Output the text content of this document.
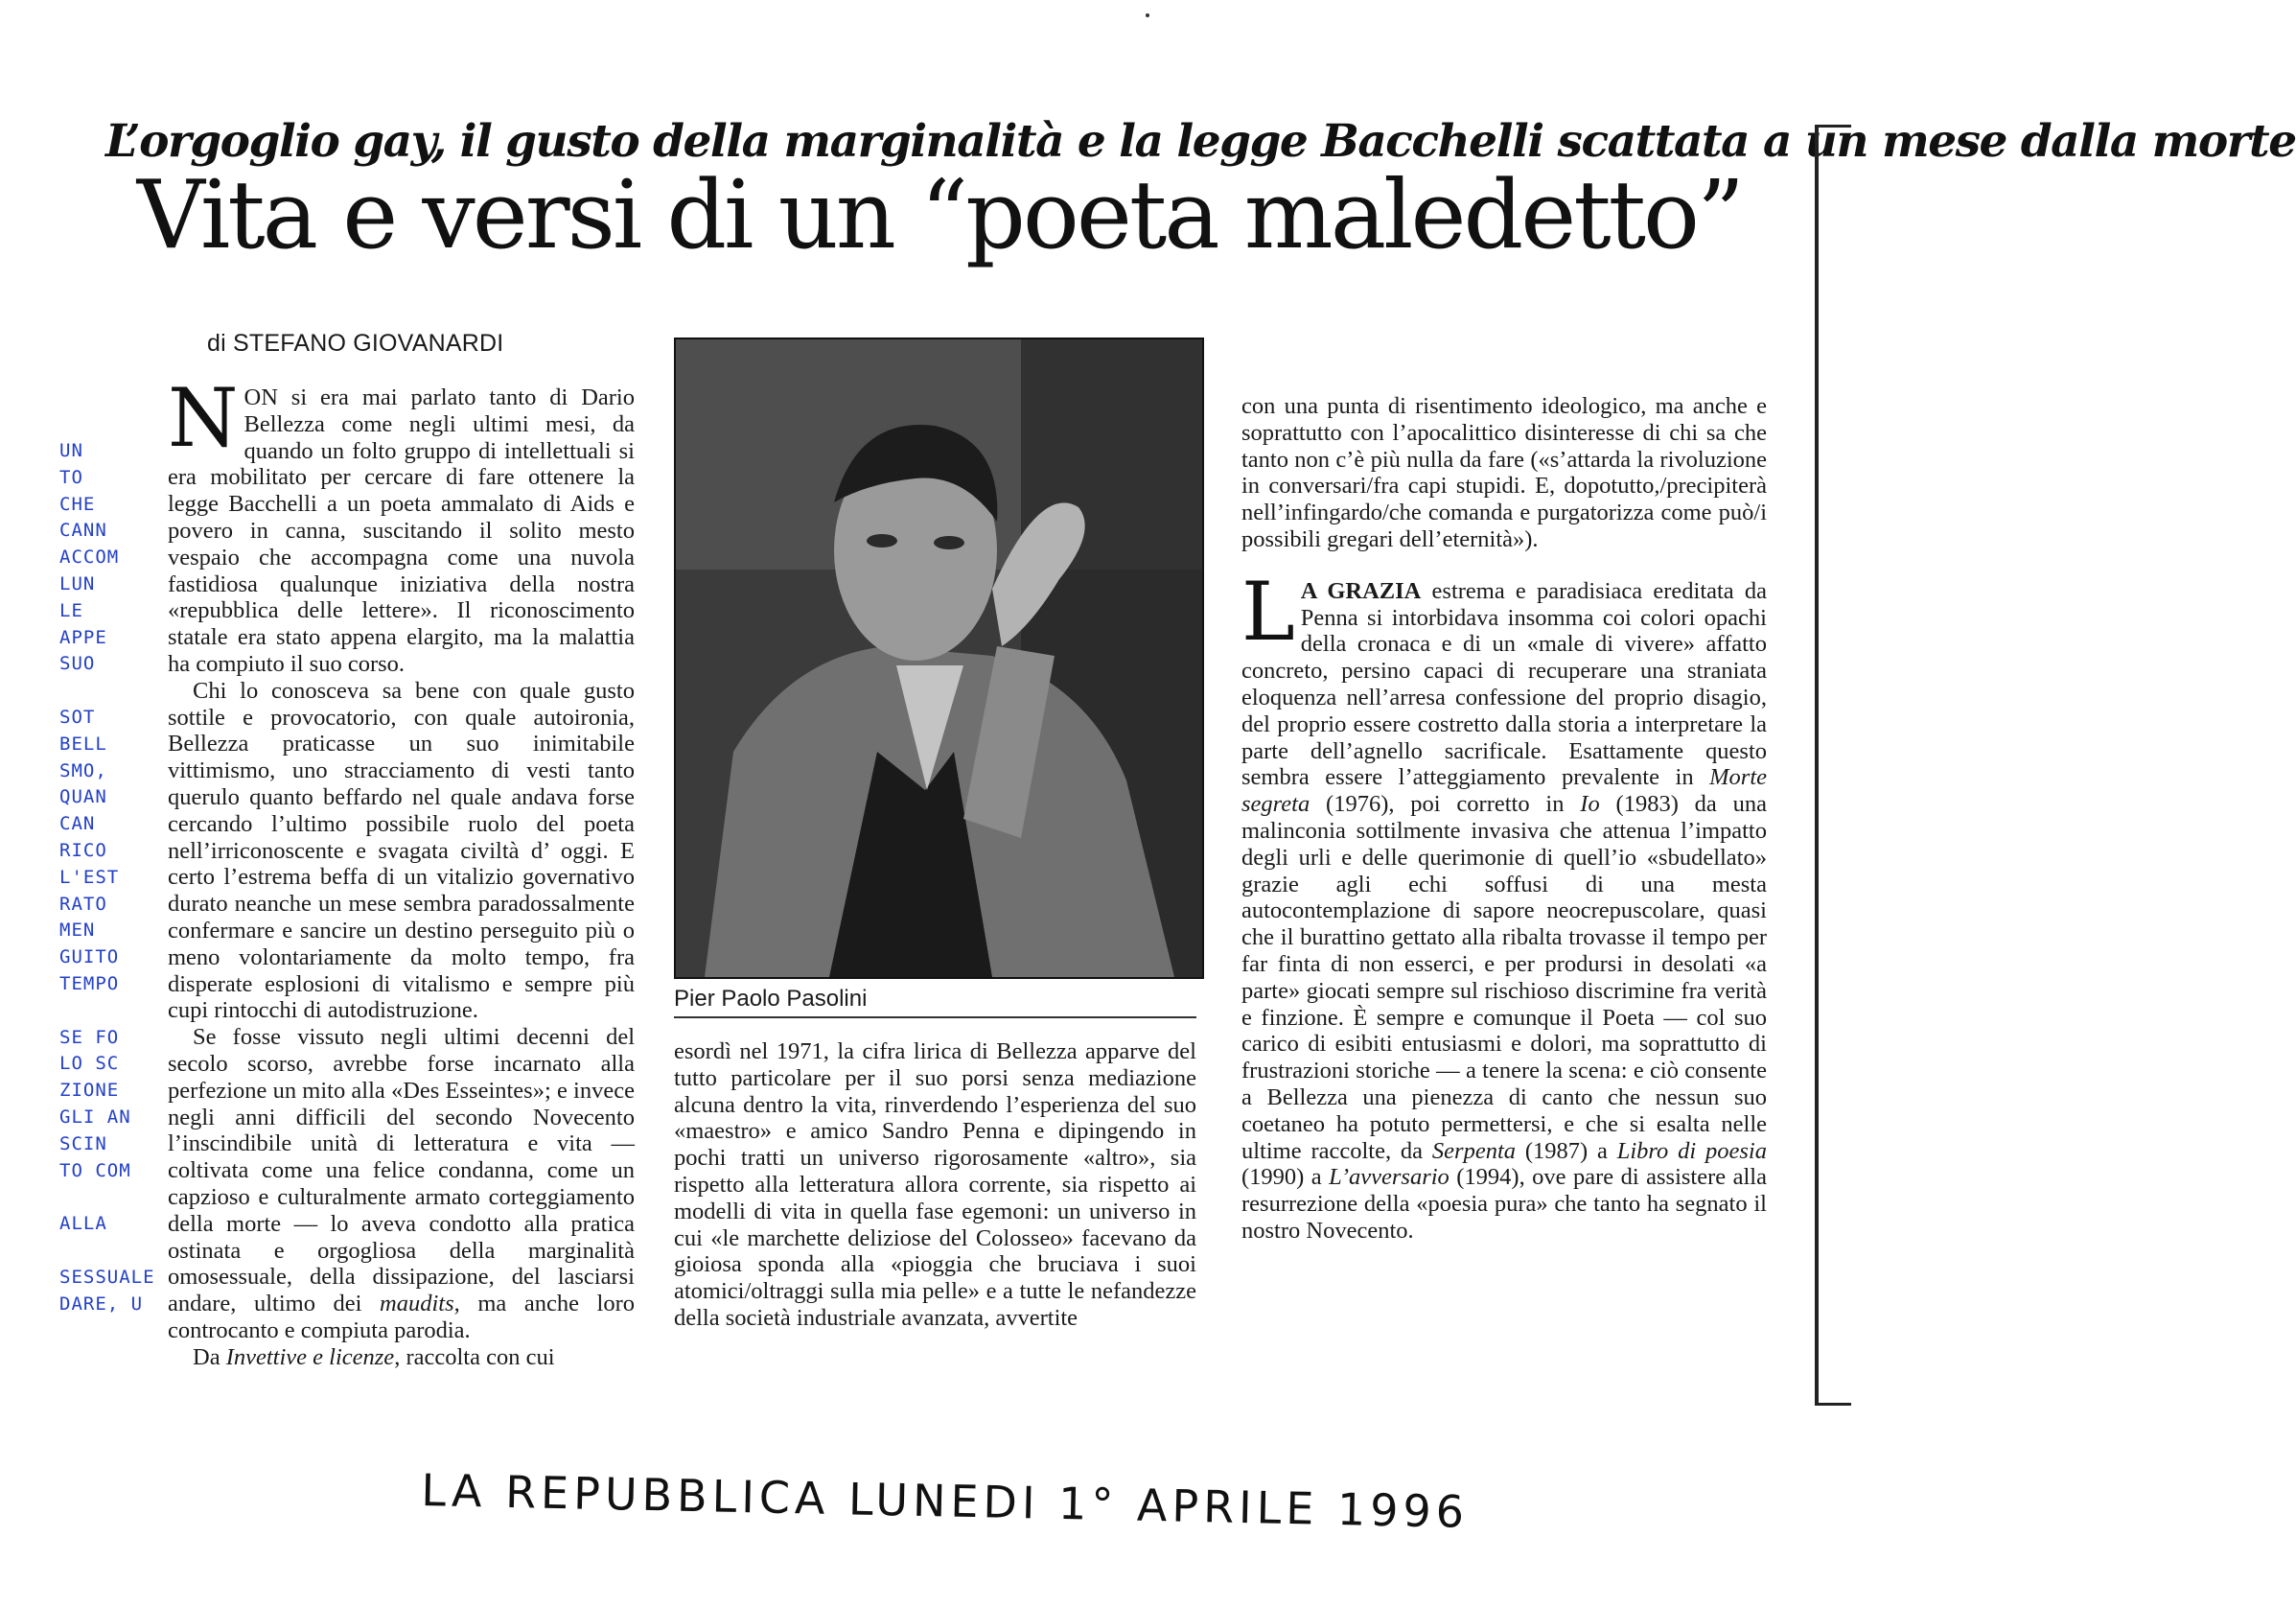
L’orgoglio gay, il gusto della marginalità e la legge Bacchelli scattata a un mese dalla morte
Vita e versi di un “poeta maledetto”
di STEFANO GIOVANARDI

NON si era mai parlato tanto di Dario Bellezza come negli ultimi mesi, da quando un folto gruppo di intellettuali si era mobilitato per cercare di fare ottenere la legge Bacchelli a un poeta ammalato di Aids e povero in canna, suscitando il solito mesto vespaio che accompagna come una nuvola fastidiosa qualunque iniziativa della nostra «repubblica delle lettere». Il riconoscimento statale era stato appena elargito, ma la malattia ha compiuto il suo corso.

Chi lo conosceva sa bene con quale gusto sottile e provocatorio, con quale autoironia, Bellezza praticasse un suo inimitabile vittimismo, uno stracciamento di vesti tanto querulo quanto beffardo nel quale andava forse cercando l’ultimo possibile ruolo del poeta nell’irriconoscente e svagata civiltà d’ oggi. E certo l’estrema beffa di un vitalizio governativo durato neanche un mese sembra paradossalmente confermare e sancire un destino perseguito più o meno volontariamente da molto tempo, fra disperate esplosioni di vitalismo e sempre più cupi rintocchi di autodistruzione.

Se fosse vissuto negli ultimi decenni del secolo scorso, avrebbe forse incarnato alla perfezione un mito alla «Des Esseintes»; e invece negli anni difficili del secondo Novecento l’inscindibile unità di letteratura e vita — coltivata come una felice condanna, come un capzioso e culturalmente armato corteggiamento della morte — lo aveva condotto alla pratica ostinata e orgogliosa della marginalità omosessuale, della dissipazione, del lasciarsi andare, ultimo dei maudits, ma anche loro controcanto e compiuta parodia.

Da Invettive e licenze, raccolta con cui

Pier Paolo Pasolini

esordì nel 1971, la cifra lirica di Bellezza apparve del tutto particolare per il suo porsi senza mediazione alcuna dentro la vita, rinverdendo l’esperienza del suo «maestro» e amico Sandro Penna e dipingendo in pochi tratti un universo rigorosamente «altro», sia rispetto alla letteratura allora corrente, sia rispetto ai modelli di vita in quella fase egemoni: un universo in cui «le marchette deliziose del Colosseo» facevano da gioiosa sponda alla «pioggia che bruciava i suoi atomici/oltraggi sulla mia pelle» e a tutte le nefandezze della società industriale avanzata, avvertite

con una punta di risentimento ideologico, ma anche e soprattutto con l’apocalittico disinteresse di chi sa che tanto non c’è più nulla da fare («s’attarda la rivoluzione in conversari/fra capi stupidi. E, dopotutto,/precipiterà nell’infingardo/che comanda e purgatorizza come può/i possibili gregari dell’eternità»).

L A GRAZIA estrema e paradisiaca ereditata da Penna si intorbidava insomma coi colori opachi della cronaca e di un «male di vivere» affatto concreto, persino capaci di recuperare una straniata eloquenza nell’arresa confessione del proprio disagio, del proprio essere costretto dalla storia a interpretare la parte dell’agnello sacrificale. Esattamente questo sembra essere l’atteggiamento prevalente in Morte segreta (1976), poi corretto in Io (1983) da una malinconia sottilmente invasiva che attenua l’impatto degli urli e delle querimonie di quell’io «sbudellato» grazie agli echi soffusi di una mesta autocontemplazione di sapore neocrepuscolare, quasi che il burattino gettato alla ribalta trovasse il tempo per far finta di non esserci, e per prodursi in desolati «a parte» giocati sempre sul rischioso discrimine fra verità e finzione. È sempre e comunque il Poeta — col suo carico di esibiti entusiasmi e dolori, ma soprattutto di frustrazioni storiche — a tenere la scena: e ciò consente a Bellezza una pienezza di canto che nessun suo coetaneo ha potuto permettersi, e che si esalta nelle ultime raccolte, da Serpenta (1987) a Libro di poesia (1990) a L’avversario (1994), ove pare di assistere alla resurrezione della «poesia pura» che tanto ha segnato il nostro Novecento.

UN
TO
CHE
CANN
ACCOM
LUN
LE
APPE
SUO
SOT
BELL
SMO,
QUAN
CAN
RICO
L'EST
RATO
MEN
GUITO
TEMPO
SE FO
LO SC
ZIONE
GLI AN
SCIN
TO COM
ALLA
SESSUALE
DARE, U
LA REPUBBLICA LUNEDI 1° APRILE 1996
